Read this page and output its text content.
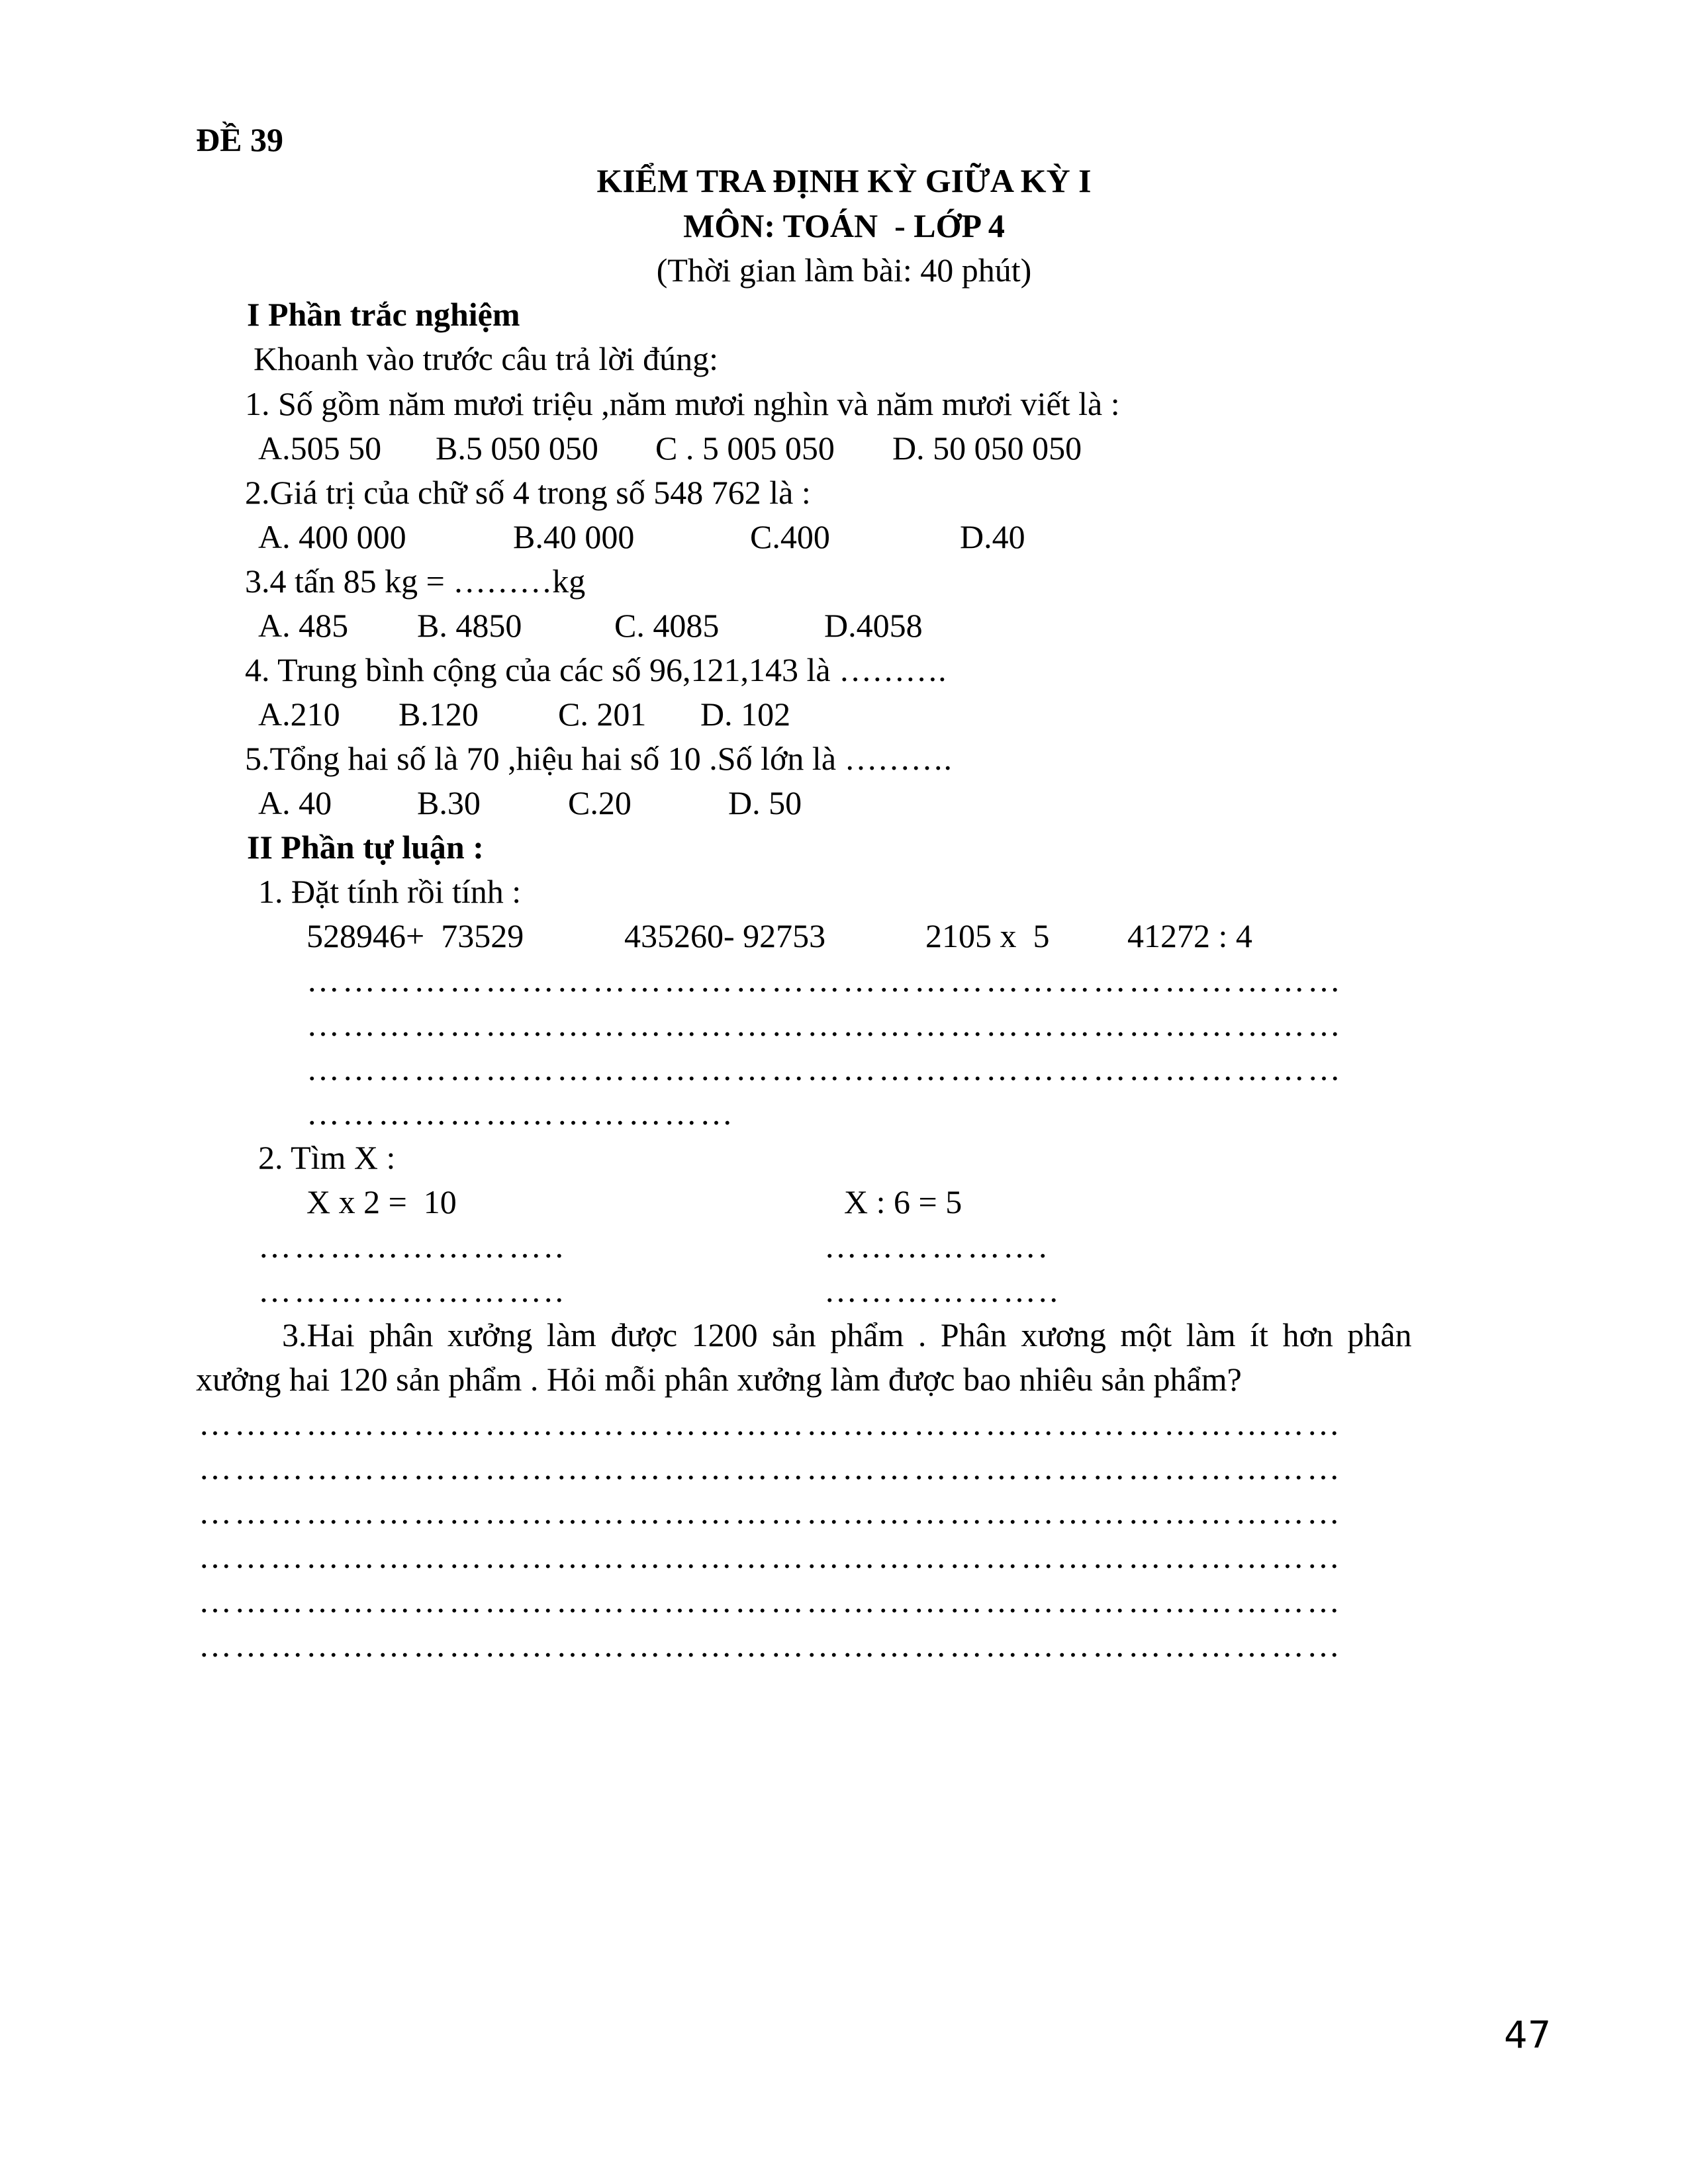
ĐỀ 39
KIỂM TRA ĐỊNH KỲ GIỮA KỲ I
MÔN: TOÁN  - LỚP 4
(Thời gian làm bài: 40 phút)
I Phần trắc nghiệm
Khoanh vào trước câu trả lời đúng:
1. Số gồm năm mươi triệu ,năm mươi nghìn và năm mươi viết là :
A.505 50 B.5 050 050 C . 5 005 050 D. 50 050 050
2.Giá trị của chữ số 4 trong số 548 762 là :
A. 400 000	B.40 000	C.400	D.40
3.4 tấn 85 kg = ………kg
A. 485 B. 4850	C. 4085	D.4058
4. Trung bình cộng của các số 96,121,143 là ……….
A.210 B.120 C. 201 D. 102
5.Tổng hai số là 70 ,hiệu hai số 10 .Số lớn là ……….
A. 40	B.30	C.20	D. 50
II Phần tự luận :
1. Đặt tính rồi tính :
528946+  73529	435260- 92753	2105 x  5 41272 : 4
……………………………………………………………………………
……………………………………………………………………………
……………………………………………………………………………
………………………………
2. Tìm X :
X x 2 =  10	X : 6 = 5
……………………..	……………….
……………………..	………………..
3.Hai phân xưởng làm được 1200 sản phẩm . Phân xương một làm ít hơn phân
xưởng hai 120 sản phẩm . Hỏi mỗi phân xưởng làm được bao nhiêu sản phẩm?
……………………………………………………………………………………
……………………………………………………………………………………
……………………………………………………………………………………
……………………………………………………………………………………
……………………………………………………………………………………
……………………………………………………………………………………
47
